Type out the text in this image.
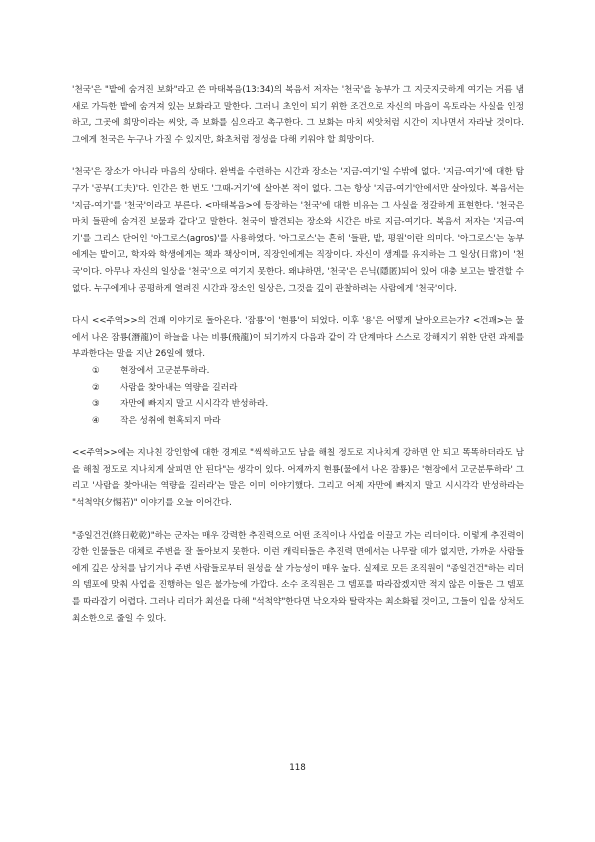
'천국'은 "밭에 숨겨진 보화"라고 쓴 마태복음(13:34)의 복음서 저자는 '천국'을 농부가 그 지긋지긋하게 여기는 거름 냄새로 가득한 밭에 숨겨져 있는 보화라고 말한다. 그러니 초인이 되기 위한 조건으로 자신의 마음이 옥토라는 사실을 인정하고, 그곳에 희망이라는 씨앗, 즉 보화를 심으라고 촉구한다. 그 보화는 마치 씨앗처럼 시간이 지나면서 자라날 것이다. 그에게 천국은 누구나 가질 수 있지만, 화초처럼 정성을 다해 키워야 할 희망이다.

'천국'은 장소가 아니라 마음의 상태다. 완벽을 수련하는 시간과 장소는 '지금-여기'일 수밖에 없다. '지금-여기'에 대한 탐구가 '공부(工夫)'다. 인간은 한 번도 '그때-거기'에 살아본 적이 없다. 그는 항상 '지금-여기'안에서만 살아있다. 복음서는 '지금-여기'를 '천국'이라고 부른다. <마태복음>에 등장하는 '천국'에 대한 비유는 그 사실을 정갈하게 표현한다. '천국은 마치 들판에 숨겨진 보물과 같다'고 말한다. 천국이 발견되는 장소와 시간은 바로 지금-여기다. 복음서 저자는 '지금-여기'를 그리스 단어인 '아그로스(agros)'를 사용하였다. '아그로스'는 흔히 '들판, 밭, 평원'이란 의미다. '아그로스'는 농부에게는 밭이고, 학자와 학생에게는 책과 책상이며, 직장인에게는 직장이다. 자신이 생계를 유지하는 그 일상(日常)이 '천국'이다. 아무나 자신의 일상을 '천국'으로 여기지 못한다. 왜냐하면, '천국'은 은닉(隱匿)되어 있어 대충 보고는 발견할 수 없다. 누구에게나 공평하게 열려진 시간과 장소인 일상은, 그것을 깊이 관찰하려는 사람에게 '천국'이다.

다시 <<주역>>의 건괘 이야기로 돌아온다. '잠룡'이 '현룡'이 되었다. 이후 '용'은 어떻게 날아오르는가? <건괘>는 물에서 나온 잠룡(潛龍)이 하늘을 나는 비룡(飛龍)이 되기까지 다음과 같이 각 단계마다 스스로 강해지기 위한 단련 과제를 부과한다는 말을 지난 26일에 했다.

①	현장에서 고군분투하라.
②	사람을 찾아내는 역량을 길러라
③	자만에 빠지지 말고 시시각각 반성하라.
④	작은 성취에 현혹되지 마라

<<주역>>에는 지나친 강인함에 대한 경계로 "씩씩하고도 남을 해칠 정도로 지나치게 강하면 안 되고 똑똑하더라도 남을 해칠 정도로 지나치게 살피면 안 된다"는 생각이 있다. 어제까지 현룡(물에서 나온 잠룡)은 '현장에서 고군분투하라' 그리고 '사람을 찾아내는 역량을 길러라'는 말은 이미 이야기했다. 그리고 어제 자만에 빠지지 말고 시시각각 반성하라는 "석척약(夕惕若)" 이야기를 오늘 이어간다.

"종일건건(終日乾乾)"하는 군자는 매우 강력한 추진력으로 어떤 조직이나 사업을 이끌고 가는 리더이다. 이렇게 추진력이 강한 인물들은 대체로 주변을 잘 돌아보지 못한다. 이런 캐릭터들은 추진력 면에서는 나무랄 데가 없지만, 가까운 사람들에게 깊은 상처를 남기거나 주변 사람들로부터 원성을 살 가능성이 매우 높다. 실제로 모든 조직원이 "종일건건"하는 리더의 템포에 맞춰 사업을 진행하는 일은 불가능에 가깝다. 소수 조직원은 그 템포를 따라잡겠지만 적지 않은 이들은 그 템포를 따라잡기 어렵다. 그러나 리더가 최선을 다해 "석척약"한다면 낙오자와 탈락자는 최소화될 것이고, 그들이 입을 상처도 최소한으로 줄일 수 있다.

118
